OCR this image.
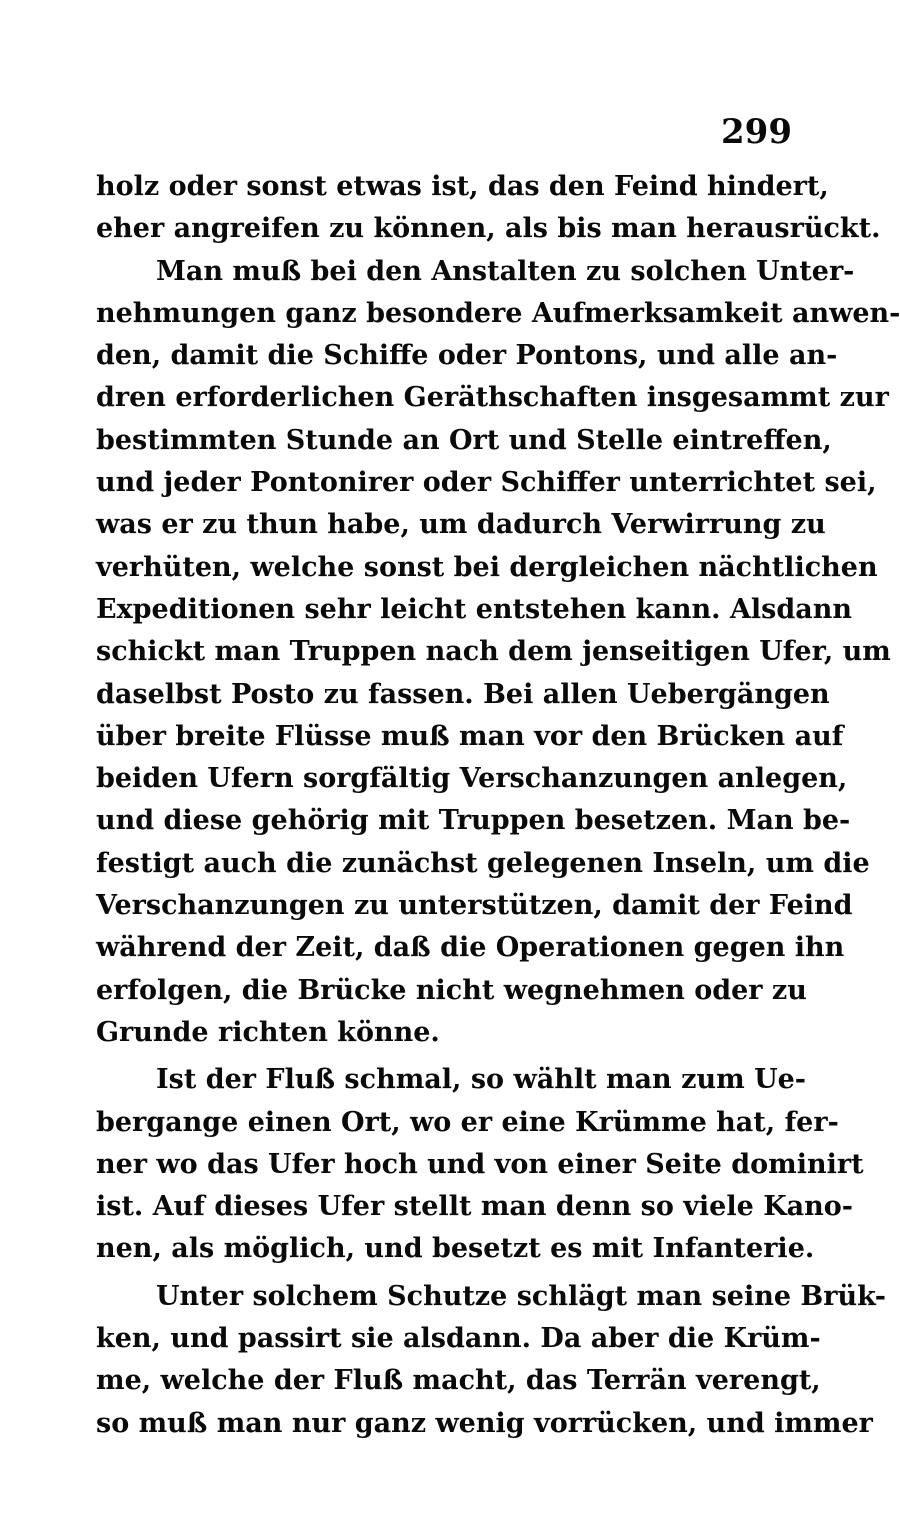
299
holz oder sonst etwas ist, das den Feind hindert,
eher angreifen zu können, als bis man herausrückt.
Man muß bei den Anstalten zu solchen Unter-
nehmungen ganz besondere Aufmerksamkeit anwen-
den, damit die Schiffe oder Pontons, und alle an-
dren erforderlichen Geräthschaften insgesammt zur
bestimmten Stunde an Ort und Stelle eintreffen,
und jeder Pontonirer oder Schiffer unterrichtet sei,
was er zu thun habe, um dadurch Verwirrung zu
verhüten, welche sonst bei dergleichen nächtlichen
Expeditionen sehr leicht entstehen kann. Alsdann
schickt man Truppen nach dem jenseitigen Ufer, um
daselbst Posto zu fassen. Bei allen Uebergängen
über breite Flüsse muß man vor den Brücken auf
beiden Ufern sorgfältig Verschanzungen anlegen,
und diese gehörig mit Truppen besetzen. Man be-
festigt auch die zunächst gelegenen Inseln, um die
Verschanzungen zu unterstützen, damit der Feind
während der Zeit, daß die Operationen gegen ihn
erfolgen, die Brücke nicht wegnehmen oder zu
Grunde richten könne.
Ist der Fluß schmal, so wählt man zum Ue-
bergange einen Ort, wo er eine Krümme hat, fer-
ner wo das Ufer hoch und von einer Seite dominirt
ist. Auf dieses Ufer stellt man denn so viele Kano-
nen, als möglich, und besetzt es mit Infanterie.
Unter solchem Schutze schlägt man seine Brük-
ken, und passirt sie alsdann. Da aber die Krüm-
me, welche der Fluß macht, das Terrän verengt,
so muß man nur ganz wenig vorrücken, und immer
